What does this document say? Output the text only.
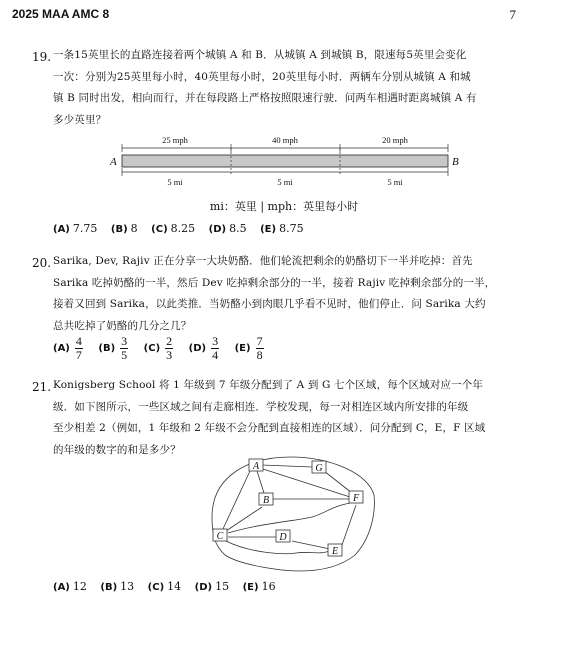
2025 MAA AMC 8	7
19. 一条15英里长的直路连接着两个城镇 A 和 B．从城镇 A 到城镇 B，限速每5英里会变化
一次：分别为25英里每小时，40英里每小时，20英里每小时．两辆车分别从城镇 A 和城
镇 B 同时出发，相向而行，并在每段路上严格按照限速行驶．问两车相遇时距离城镇 A 有
多少英里？
25 mph	40 mph	20 mph
A	B
5 mi	5 mi	5 mi
mi：英里 | mph：英里每小时
(A) 7.75 (B) 8 (C) 8.25 (D) 8.5 (E) 8.75
20. Sarika, Dev, Rajiv 正在分享一大块奶酪．他们轮流把剩余的奶酪切下一半并吃掉：首先
Sarika 吃掉奶酪的一半，然后 Dev 吃掉剩余部分的一半，接着 Rajiv 吃掉剩余部分的一半，
接着又回到 Sarika，以此类推．当奶酪小到肉眼几乎看不见时，他们停止．问 Sarika 大约
总共吃掉了奶酪的几分之几？
$(A) \frac{4}{7}$
$(B) \frac{3}{5}$
$(C) \frac{2}{3}$
$(D) \frac{3}{4}$
$(E) \frac{7}{8}$
21. Konigsberg School 将 1 年级到 7 年级分配到了 A 到 G 七个区域，每个区域对应一个年
级．如下图所示，一些区域之间有走廊相连．学校发现，每一对相连区域内所安排的年级
至少相差 2（例如，1 年级和 2 年级不会分配到直接相连的区域）．问分配到 C，E，F 区域
的年级的数字的和是多少？
A	G
B	F
C	D
E
(A) 12 (B) 13 (C) 14 (D) 15 (E) 16
